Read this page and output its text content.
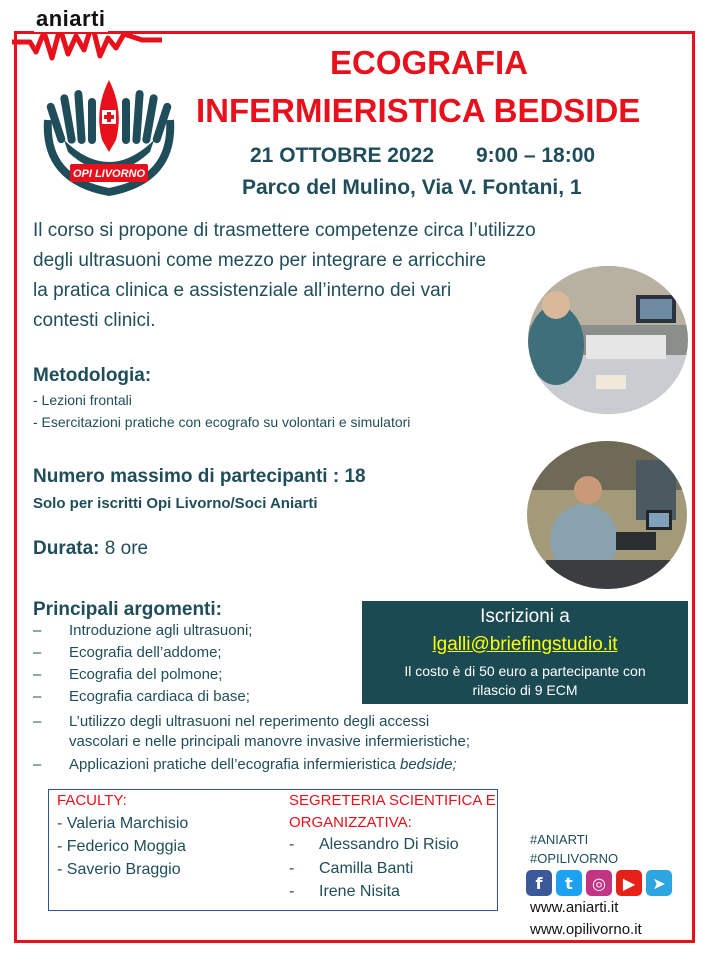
aniarti
OPI LIVORNO
ECOGRAFIA
INFERMIERISTICA BEDSIDE
21 OTTOBRE 2022 9:00 – 18:00
Parco del Mulino, Via V. Fontani, 1
Il corso si propone di trasmettere competenze circa l’utilizzo
degli ultrasuoni come mezzo per integrare e arricchire
la pratica clinica e assistenziale all’interno dei vari
contesti clinici.
Metodologia:
- Lezioni frontali
- Esercitazioni pratiche con ecografo su volontari e simulatori
Numero massimo di partecipanti : 18
Solo per iscritti Opi Livorno/Soci Aniarti
Durata: 8 ore
Principali argomenti:
–	Introduzione agli ultrasuoni;
–	Ecografia dell’addome;
–	Ecografia del polmone;
–	Ecografia cardiaca di base;
–	L’utilizzo degli ultrasuoni nel reperimento degli accessi
vascolari e nelle principali manovre invasive infermieristiche;
–	Applicazioni pratiche dell’ecografia infermieristica bedside;
Iscrizioni a
lgalli@briefingstudio.it
Il costo è di 50 euro a partecipante con
rilascio di 9 ECM
FACULTY:
- Valeria Marchisio
- Federico Moggia
- Saverio Braggio
SEGRETERIA SCIENTIFICA E
ORGANIZZATIVA:
- Alessandro Di Risio
- Camilla Banti
- Irene Nisita
#ANIARTI
#OPILIVORNO
f	t	◎	▶	➤
www.aniarti.it
www.opilivorno.it
